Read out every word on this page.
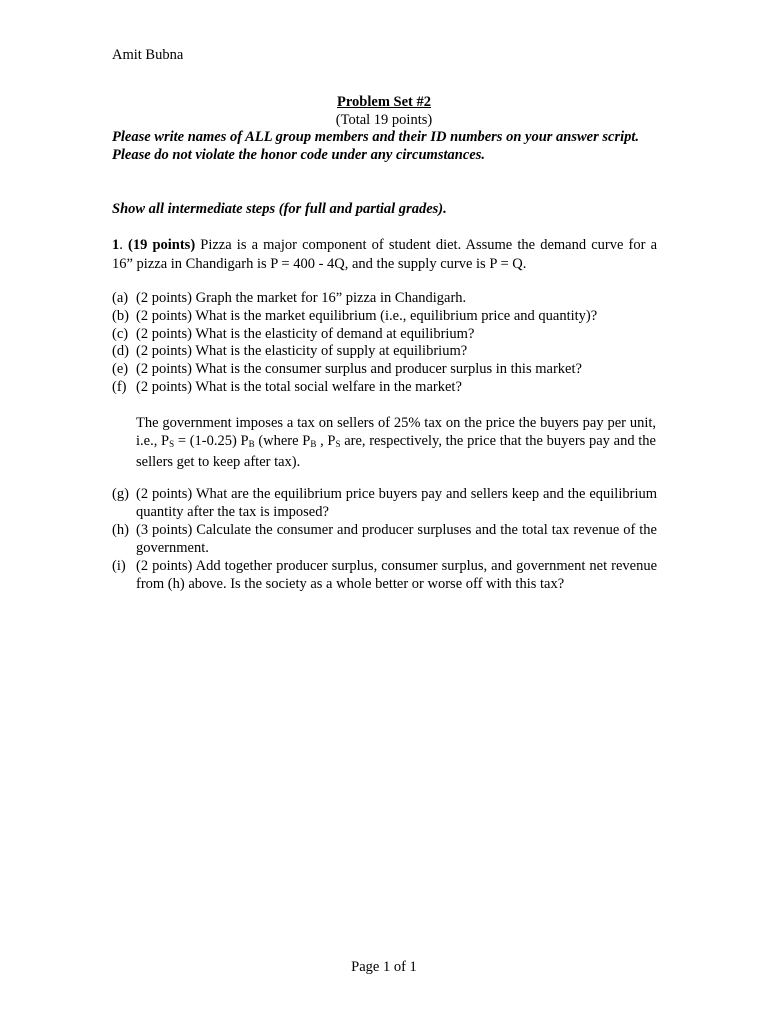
Amit Bubna
Problem Set #2
(Total 19 points)
Please write names of ALL group members and their ID numbers on your answer script.
Please do not violate the honor code under any circumstances.
Show all intermediate steps (for full and partial grades).
1. (19 points) Pizza is a major component of student diet. Assume the demand curve for a 16” pizza in Chandigarh is P = 400 - 4Q, and the supply curve is P = Q.
(a) (2 points) Graph the market for 16” pizza in Chandigarh.
(b) (2 points) What is the market equilibrium (i.e., equilibrium price and quantity)?
(c) (2 points) What is the elasticity of demand at equilibrium?
(d) (2 points) What is the elasticity of supply at equilibrium?
(e) (2 points) What is the consumer surplus and producer surplus in this market?
(f) (2 points) What is the total social welfare in the market?
The government imposes a tax on sellers of 25% tax on the price the buyers pay per unit, i.e., $P_S = (1-0.25)$ $P_B$ (where $P_B$ , $P_S$ are, respectively, the price that the buyers pay and the sellers get to keep after tax).
(g) (2 points) What are the equilibrium price buyers pay and sellers keep and the equilibrium quantity after the tax is imposed?
(h) (3 points) Calculate the consumer and producer surpluses and the total tax revenue of the government.
(i) (2 points) Add together producer surplus, consumer surplus, and government net revenue from (h) above. Is the society as a whole better or worse off with this tax?
Page 1 of 1
